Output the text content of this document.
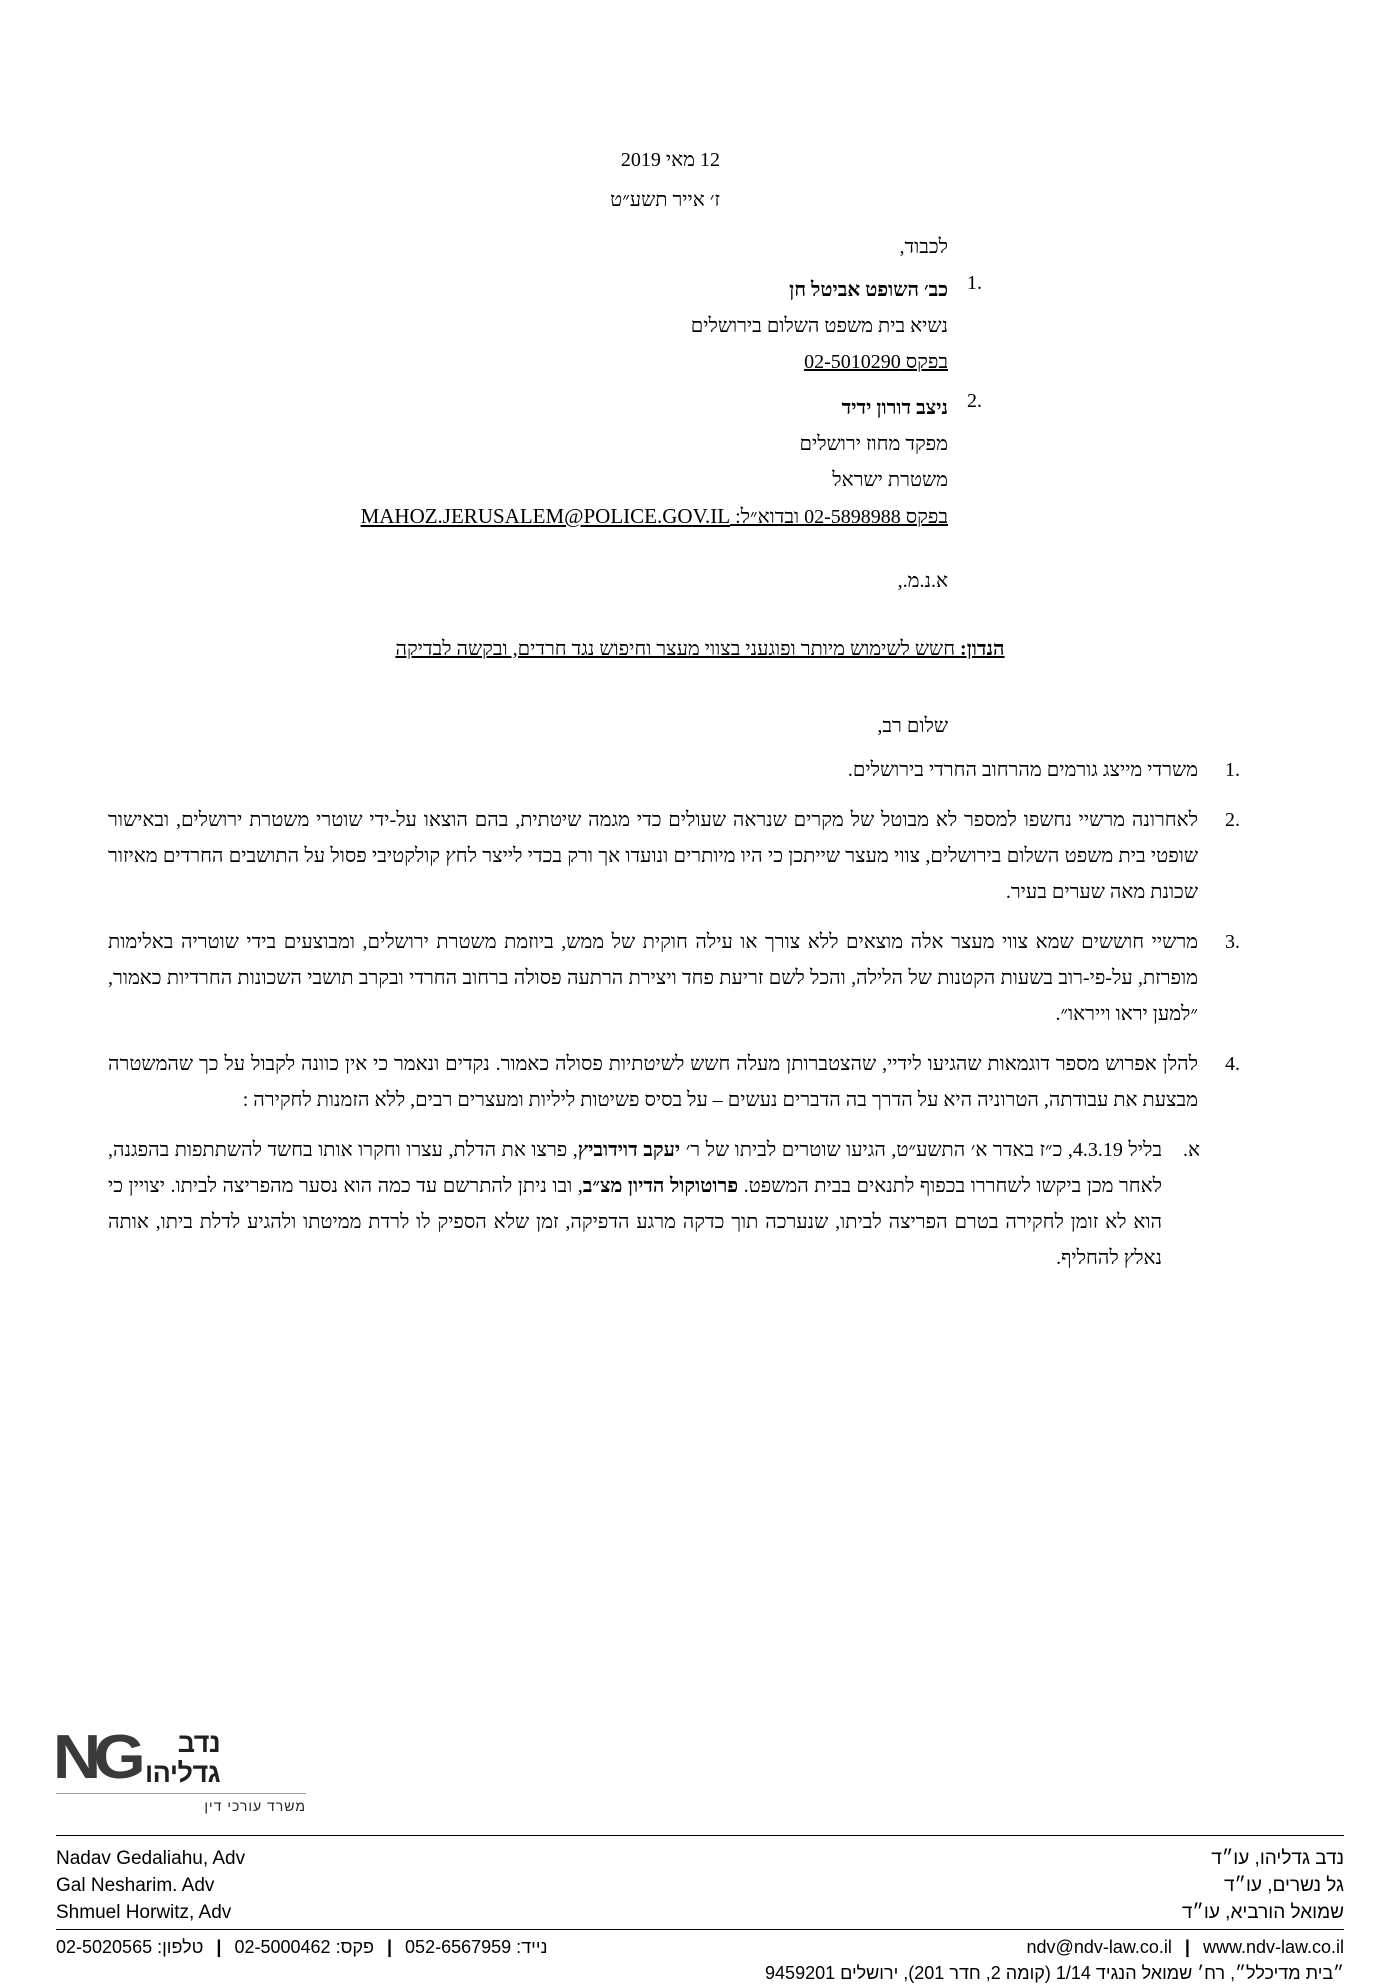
12 מאי 2019
ז׳ אייר תשע״ט
לכבוד,
.1
כב׳ השופט אביטל חן
נשיא בית משפט השלום בירושלים
בפקס 02-5010290
.2
ניצב דורון ידיד
מפקד מחוז ירושלים
משטרת ישראל
בפקס 02-5898988 ובדוא״ל: MAHOZ.JERUSALEM@POLICE.GOV.IL
א.נ.מ.,
הנדון: חשש לשימוש מיותר ופוגעני בצווי מעצר וחיפוש נגד חרדים, ובקשה לבדיקה
שלום רב,
.1
משרדי מייצג גורמים מהרחוב החרדי בירושלים.
.2
לאחרונה מרשיי נחשפו למספר לא מבוטל של מקרים שנראה שעולים כדי מגמה שיטתית, בהם הוצאו על-ידי שוטרי משטרת ירושלים, ובאישור שופטי בית משפט השלום בירושלים, צווי מעצר שייתכן כי היו מיותרים ונועדו אך ורק בכדי לייצר לחץ קולקטיבי פסול על התושבים החרדים מאיזור שכונת מאה שערים בעיר.
.3
מרשיי חוששים שמא צווי מעצר אלה מוצאים ללא צורך או עילה חוקית של ממש, ביוזמת משטרת ירושלים, ומבוצעים בידי שוטריה באלימות מופרזת, על-פי-רוב בשעות הקטנות של הלילה, והכל לשם זריעת פחד ויצירת הרתעה פסולה ברחוב החרדי ובקרב תושבי השכונות החרדיות כאמור, ״למען יראו וייראו״.
.4
להלן אפרוש מספר דוגמאות שהגיעו לידיי, שהצטברותן מעלה חשש לשיטתיות פסולה כאמור. נקדים ונאמר כי אין כוונה לקבול על כך שהמשטרה מבצעת את עבודתה, הטרוניה היא על הדרך בה הדברים נעשים – על בסיס פשיטות ליליות ומעצרים רבים, ללא הזמנות לחקירה :
א.
בליל 4.3.19, כ״ז באדר א׳ התשע״ט, הגיעו שוטרים לביתו של ר׳ יעקב דוידוביץ, פרצו את הדלת, עצרו וחקרו אותו בחשד להשתתפות בהפגנה, לאחר מכן ביקשו לשחררו בכפוף לתנאים בבית המשפט. פרוטוקול הדיון מצ״ב, ובו ניתן להתרשם עד כמה הוא נסער מהפריצה לביתו. יצויין כי הוא לא זומן לחקירה בטרם הפריצה לביתו, שנערכה תוך כדקה מרגע הדפיקה, זמן שלא הספיק לו לרדת ממיטתו ולהגיע לדלת ביתו, אותה נאלץ להחליף.
נדב
גדליהו
NG
משרד עורכי דין
Nadav Gedaliahu, Adv
Gal Nesharim. Adv
Shmuel Horwitz, Adv
נדב גדליהו, עו״ד
גל נשרים, עו״ד
שמואל הורביא, עו״ד
ndv@ndv-law.co.il | www.ndv-law.co.il
נייד: 052-6567959 | פקס: 02-5000462 | טלפון: 02-5020565
״בית מדיכלל״, רח׳ שמואל הנגיד 1/14 (קומה 2, חדר 201), ירושלים 9459201
